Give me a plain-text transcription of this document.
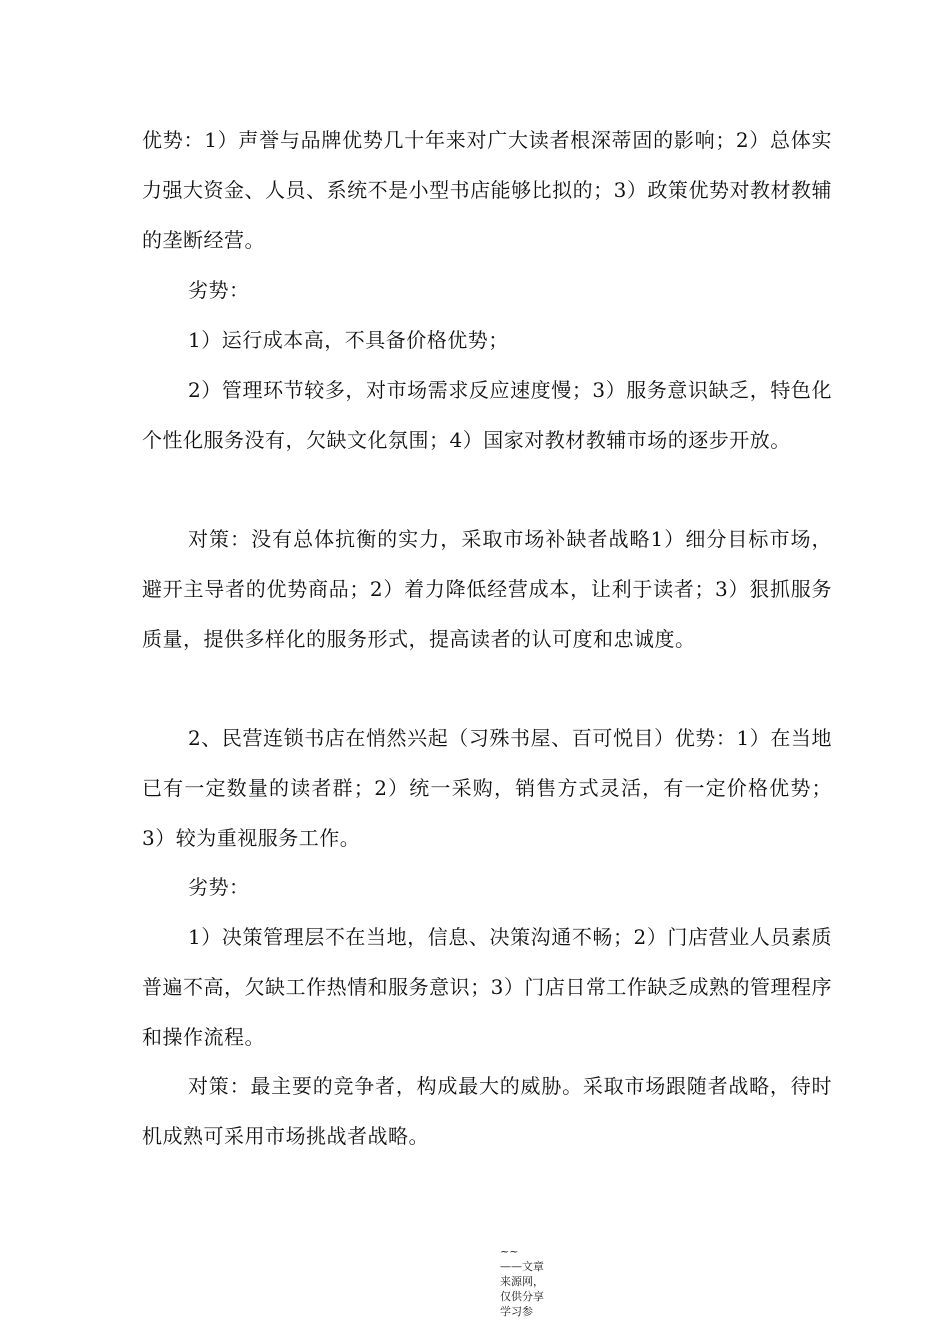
优势：1）声誉与品牌优势几十年来对广大读者根深蒂固的影响；2）总体实力强大资金、人员、系统不是小型书店能够比拟的；3）政策优势对教材教辅的垄断经营。

劣势：

1）运行成本高，不具备价格优势；

2）管理环节较多，对市场需求反应速度慢；3）服务意识缺乏，特色化个性化服务没有，欠缺文化氛围；4）国家对教材教辅市场的逐步开放。

对策：没有总体抗衡的实力，采取市场补缺者战略1）细分目标市场，避开主导者的优势商品；2）着力降低经营成本，让利于读者；3）狠抓服务质量，提供多样化的服务形式，提高读者的认可度和忠诚度。

2、民营连锁书店在悄然兴起（习殊书屋、百可悦目）优势：1）在当地已有一定数量的读者群；2）统一采购，销售方式灵活，有一定价格优势；3）较为重视服务工作。

劣势：

1）决策管理层不在当地，信息、决策沟通不畅；2）门店营业人员素质普遍不高，欠缺工作热情和服务意识；3）门店日常工作缺乏成熟的管理程序和操作流程。

对策：最主要的竞争者，构成最大的威胁。采取市场跟随者战略，待时机成熟可采用市场挑战者战略。

~~
——文章来源网，仅供分享学习参
